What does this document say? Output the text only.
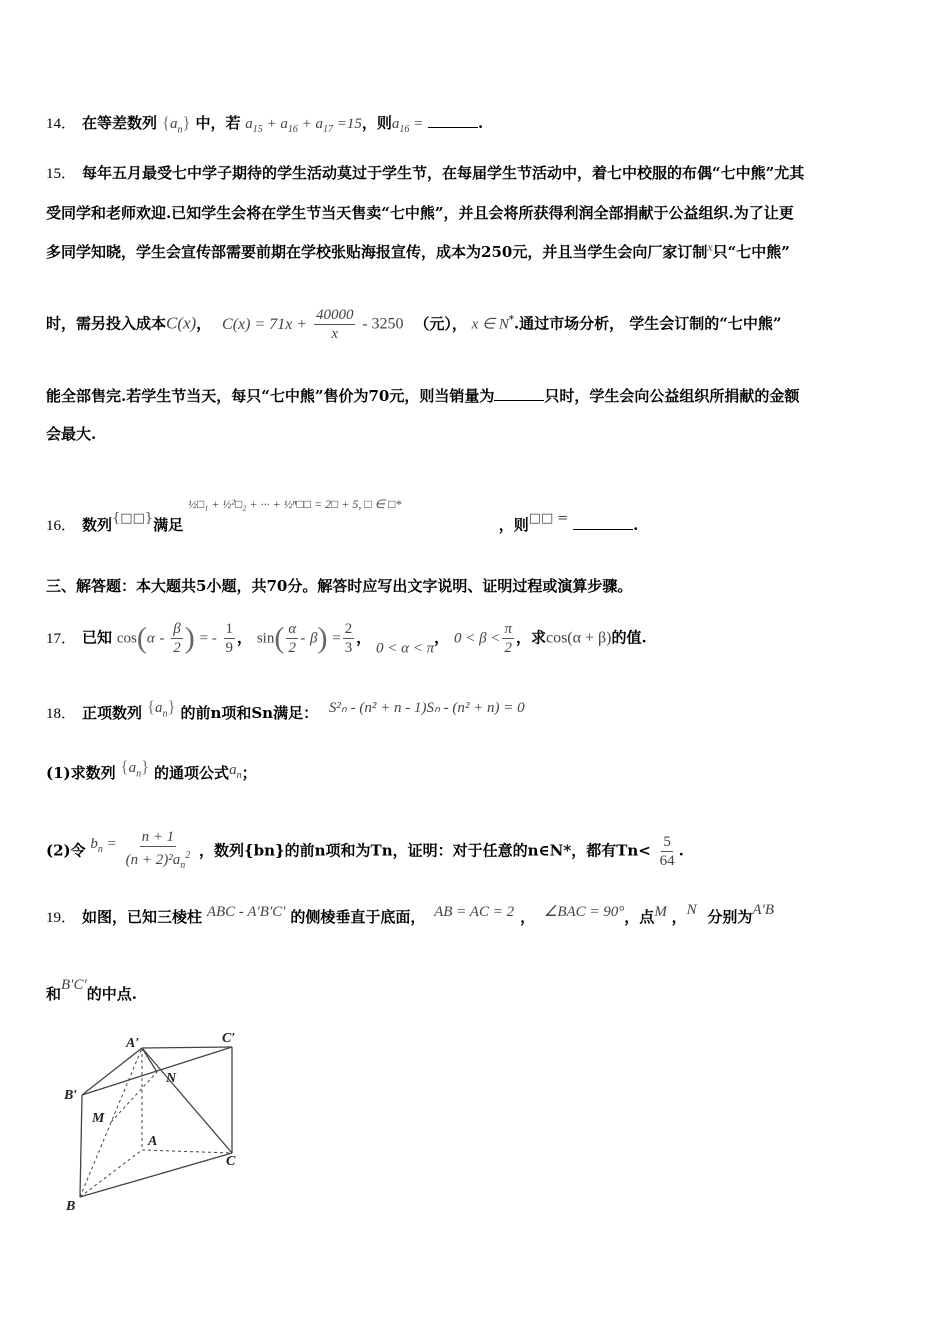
14． 在等差数列 $\{a_n\}$ 中，若 $a_{15} + a_{16} + a_{17} =15$，则$a_{16}$ =	.
15． 每年五月最受七中学子期待的学生活动莫过于学生节，在每届学生节活动中，着七中校服的布偶“七中熊”尤其
受同学和老师欢迎.已知学生会将在学生节当天售卖“七中熊”，并且会将所获得利润全部捐献于公益组织.为了让更
多同学知晓，学生会宣传部需要前期在学校张贴海报宣传，成本为250元，并且当学生会向厂家订制$^x$只“七中熊”
时，需另投入成本C(x)， $C(x) = 71x + \frac{40000}{x} - 3250$ （元）， x ∈ N*.通过市场分析， 学生会订制的“七中熊”
能全部售完.若学生节当天，每只“七中熊”售价为70元，则当销量为	只时，学生会向公益组织所捐献的金额
会最大.
16． 数列{□□}满足 ½□₁ + ½²□₂ + ··· + ½ⁿ□□ = 2□ + 5, □ ∈ □* ，则□□ =	.
三、解答题：本大题共5小题，共70分。解答时应写出文字说明、证明过程或演算步骤。
17． 已知 $\cos(\alpha - \frac{\beta}{2}$ ) = - $\frac{1}{9}$ ， $\sin( \frac{\alpha}{2} - \beta) = \frac{2}{3}$ ， 0 < α < π， $0 < \beta < \frac{\pi}{2}$ ，求cos(α + β)的值.
18． 正项数列 $\{a_n\}$ 的前n项和Sn满足： S²ₙ - (n² + n - 1)Sₙ - (n² + n) = 0
(1)求数列 $\{a_n\}$ 的通项公式$a_n$；
(2)令 $b_n = \frac{n + 1}{(n + 2)^2a_n^2}$ ，数列{bn}的前n项和为Tn，证明：对于任意的n∈N*，都有$Tn< \frac{5}{64}$ .
19． 如图，已知三棱柱 ABC - A′B′C′ 的侧棱垂直于底面， AB = AC = 2 ， ∠BAC = 90°，点M ，N 分别为A′B
和B′C′的中点.
A′	C′
B′
N
M
A
C
B
